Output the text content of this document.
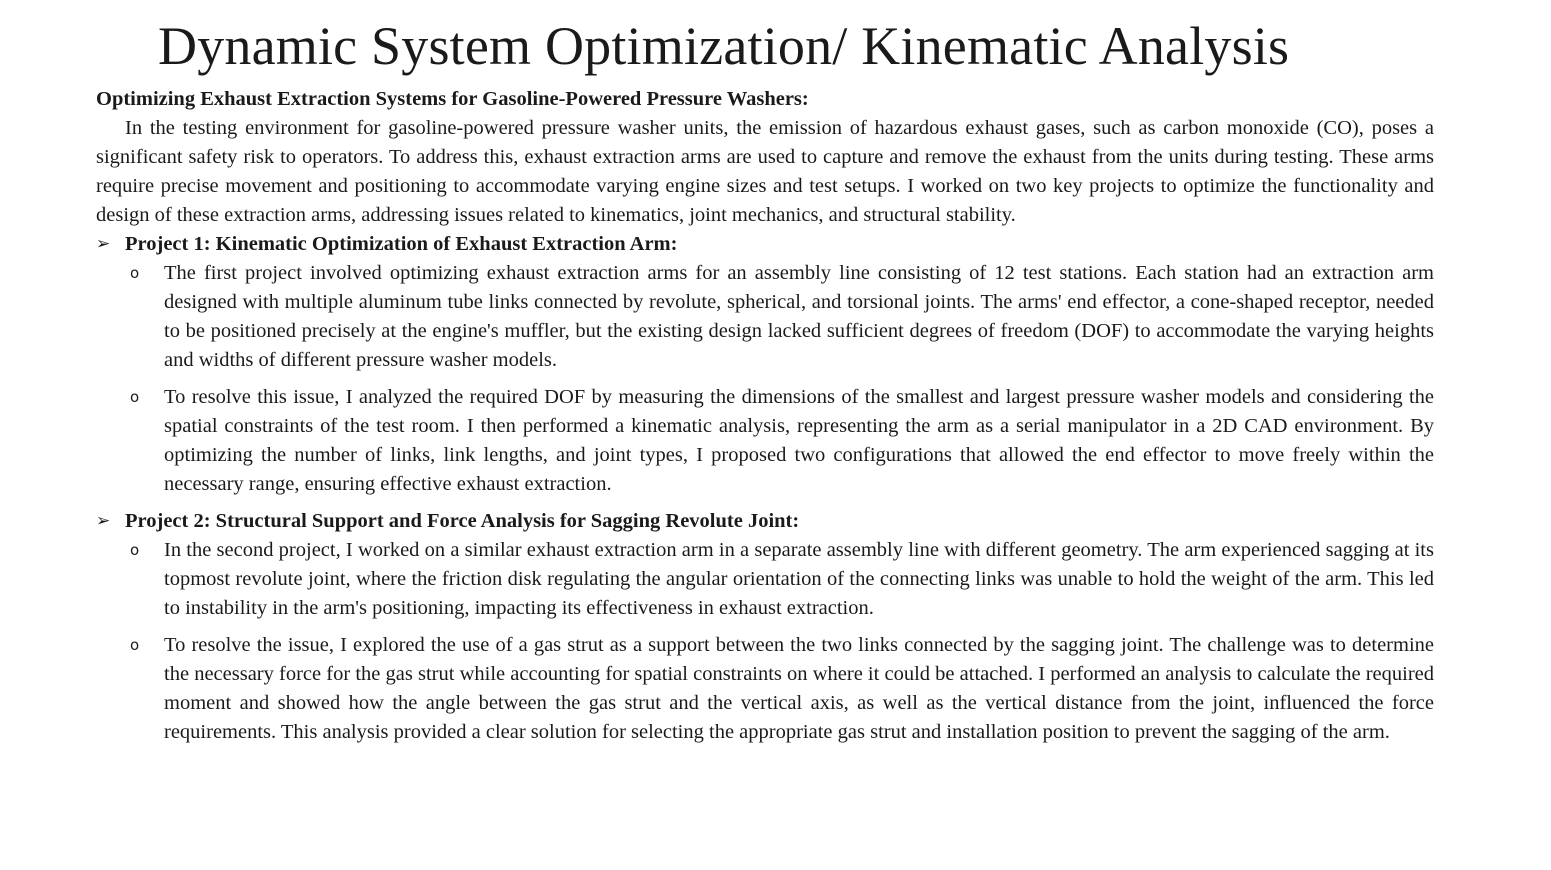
Dynamic System Optimization/ Kinematic Analysis

Optimizing Exhaust Extraction Systems for Gasoline-Powered Pressure Washers:

In the testing environment for gasoline-powered pressure washer units, the emission of hazardous exhaust gases, such as carbon monoxide (CO), poses a significant safety risk to operators. To address this, exhaust extraction arms are used to capture and remove the exhaust from the units during testing. These arms require precise movement and positioning to accommodate varying engine sizes and test setups. I worked on two key projects to optimize the functionality and design of these extraction arms, addressing issues related to kinematics, joint mechanics, and structural stability.

➢ Project 1: Kinematic Optimization of Exhaust Extraction Arm:

o The first project involved optimizing exhaust extraction arms for an assembly line consisting of 12 test stations. Each station had an extraction arm designed with multiple aluminum tube links connected by revolute, spherical, and torsional joints. The arms' end effector, a cone-shaped receptor, needed to be positioned precisely at the engine's muffler, but the existing design lacked sufficient degrees of freedom (DOF) to accommodate the varying heights and widths of different pressure washer models.
o To resolve this issue, I analyzed the required DOF by measuring the dimensions of the smallest and largest pressure washer models and considering the spatial constraints of the test room. I then performed a kinematic analysis, representing the arm as a serial manipulator in a 2D CAD environment. By optimizing the number of links, link lengths, and joint types, I proposed two configurations that allowed the end effector to move freely within the necessary range, ensuring effective exhaust extraction.

➢ Project 2: Structural Support and Force Analysis for Sagging Revolute Joint:

o In the second project, I worked on a similar exhaust extraction arm in a separate assembly line with different geometry. The arm experienced sagging at its topmost revolute joint, where the friction disk regulating the angular orientation of the connecting links was unable to hold the weight of the arm. This led to instability in the arm's positioning, impacting its effectiveness in exhaust extraction.
o To resolve the issue, I explored the use of a gas strut as a support between the two links connected by the sagging joint. The challenge was to determine the necessary force for the gas strut while accounting for spatial constraints on where it could be attached. I performed an analysis to calculate the required moment and showed how the angle between the gas strut and the vertical axis, as well as the vertical distance from the joint, influenced the force requirements. This analysis provided a clear solution for selecting the appropriate gas strut and installation position to prevent the sagging of the arm.
